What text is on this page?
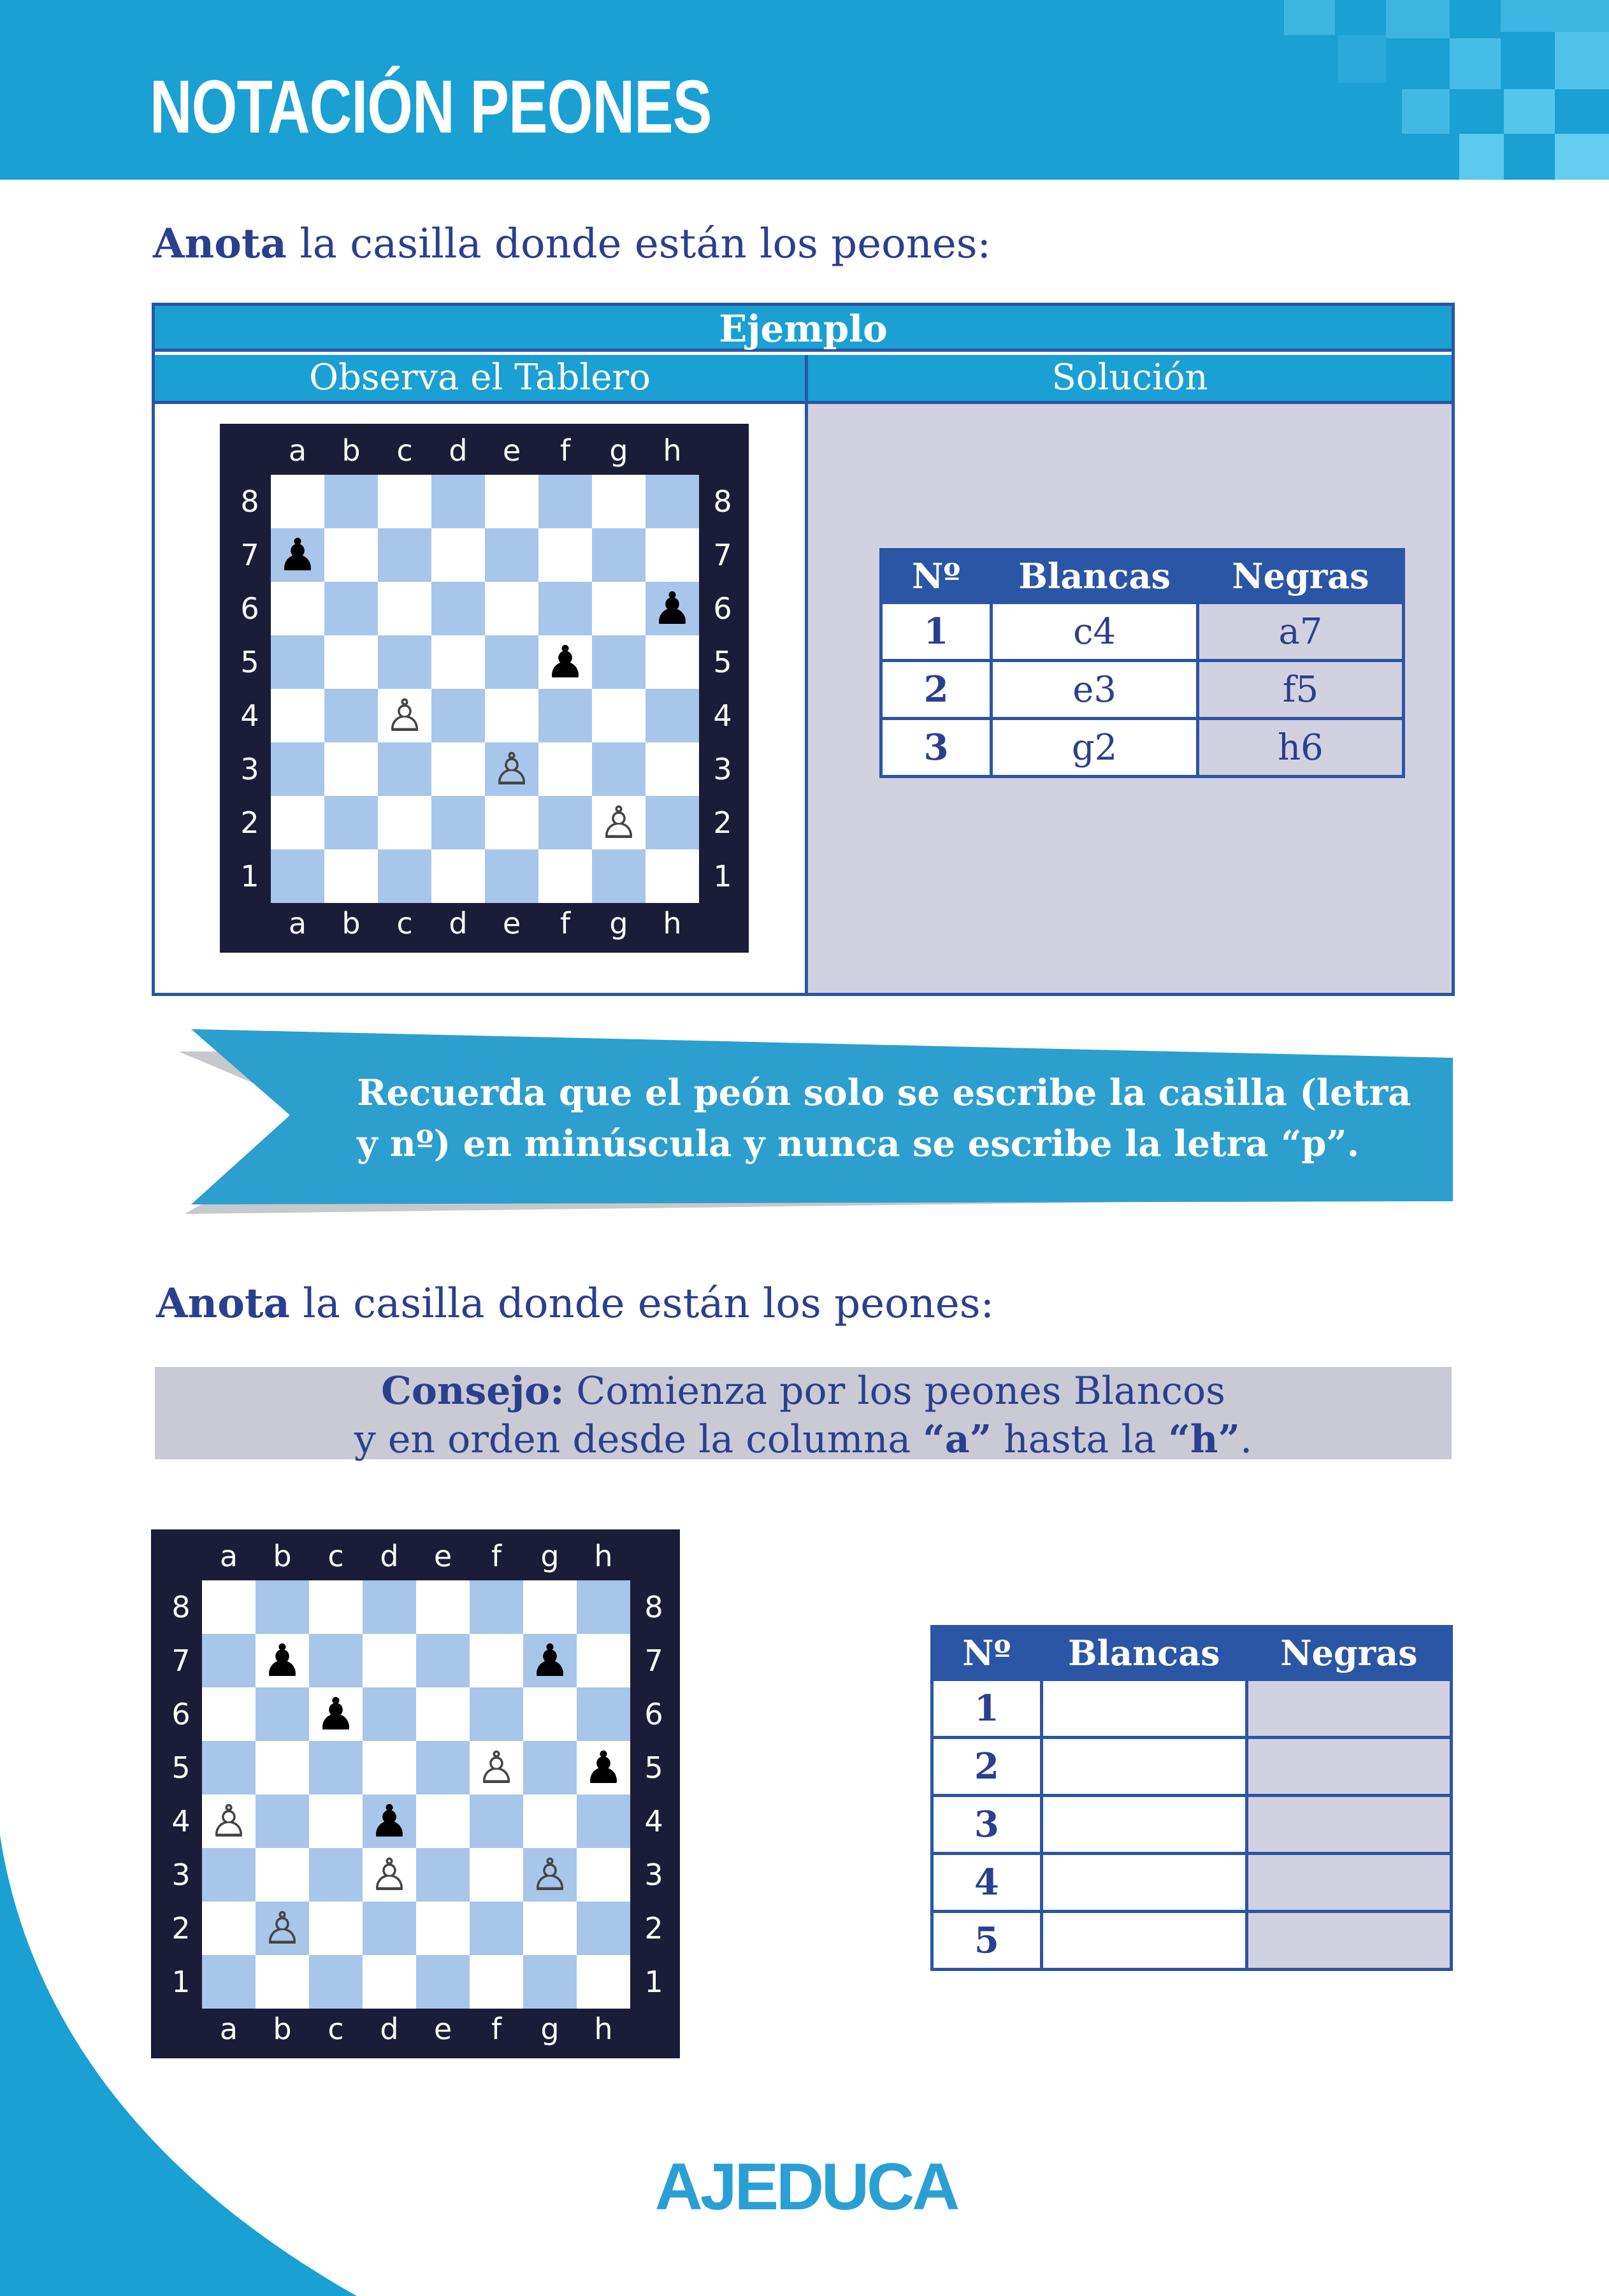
NOTACIÓN PEONES
Anota la casilla donde están los peones:
Ejemplo
Observa el Tablero	Solución
a
a
b
b
c
c
d
d
e
e
f
f
g
g
h
h
8	8
7	7
6	6
5	5
4	4
3	3
2	2
1	1
♟
♟
♟
♙
♙
♙
Nº	Blancas	Negras
1	c4	a7
2	e3	f5
3	g2	h6
Recuerda que el peón solo se escribe la casilla (letra
y nº) en minúscula y nunca se escribe la letra “p”.
Anota la casilla donde están los peones:
Consejo: Comienza por los peones Blancos
y en orden desde la columna “a” hasta la “h”.
a
a
b
b
c
c
d
d
e
e
f
f
g
g
h
h
8	8
7	7
6	6
5	5
4	4
3	3
2	2
1	1
♟	♟
♟
♟
♟
♙
♙
♙	♙
♙
Nº	Blancas	Negras
1		
2		
3		
4		
5		
AJEDUCA
